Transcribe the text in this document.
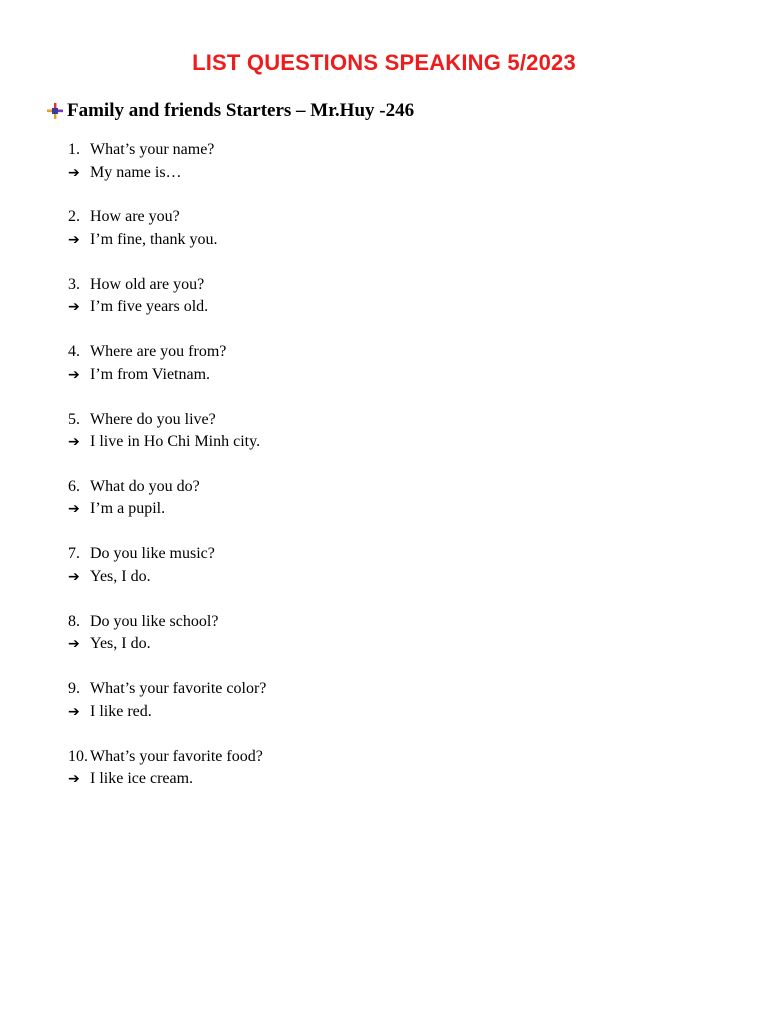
LIST QUESTIONS SPEAKING 5/2023
Family and friends Starters – Mr.Huy -246
1. What’s your name?
➔ My name is…
2. How are you?
➔ I’m fine, thank you.
3. How old are you?
➔ I’m five years old.
4. Where are you from?
➔ I’m from Vietnam.
5. Where do you live?
➔ I live in Ho Chi Minh city.
6. What do you do?
➔ I’m a pupil.
7. Do you like music?
➔ Yes, I do.
8. Do you like school?
➔ Yes, I do.
9. What’s your favorite color?
➔ I like red.
10. What’s your favorite food?
➔ I like ice cream.
